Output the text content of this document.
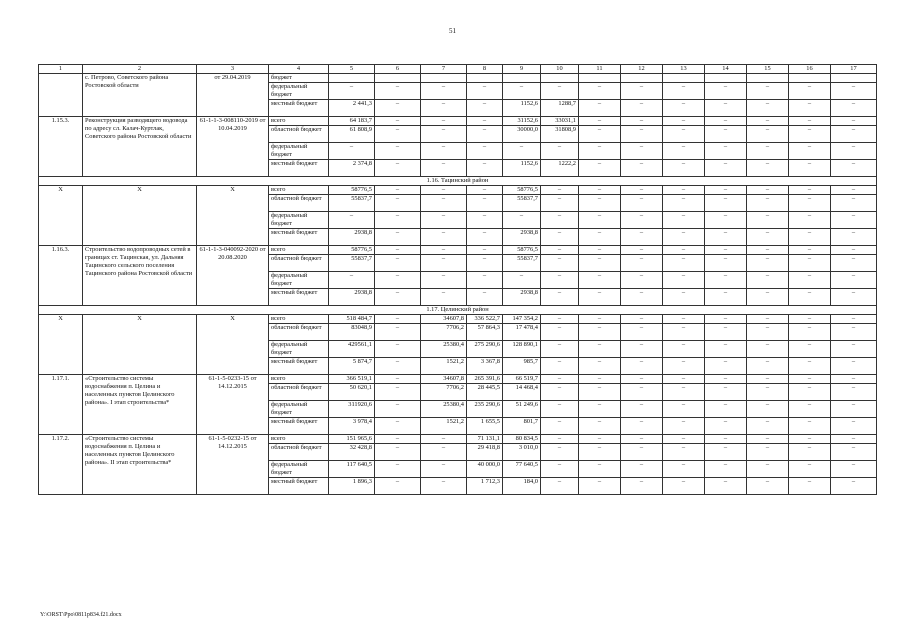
51
1	2	3	4	5	6	7	8	9	10	11	12	13	14	15	16	17
	с. Петрово, Советского района Ростовской области	от 29.04.2019	бюджет													
			федеральный бюджет	–	–	–	–	–	–	–	–	–	–	–	–	–
			местный бюджет	2 441,3	–	–	–	1152,6	1288,7	–	–	–	–	–	–	–
1.15.3.	Реконструкция разводящего водовода по адресу сл. Калач-Куртлак, Советского района Ростовской области	61-1-1-3-008110-2019 от 10.04.2019	всего	64 183,7	–	–	–	31152,6	33031,1	–	–	–	–	–	–	–
			областной бюджет	61 808,9	–	–	–	30000,0	31808,9	–	–	–	–	–	–	–
			федеральный бюджет	–	–	–	–	–	–	–	–	–	–	–	–	–
			местный бюджет	2 374,8	–	–	–	1152,6	1222,2	–	–	–	–	–	–	–
1.16. Тацинский район																
Х	Х	Х	всего	58776,5	–	–	–	58776,5	–	–	–	–	–	–	–	–
			областной бюджет	55837,7	–	–	–	55837,7	–	–	–	–	–	–	–	–
			федеральный бюджет	–	–	–	–	–	–	–	–	–	–	–	–	–
			местный бюджет	2938,8	–	–	–	2938,8	–	–	–	–	–	–	–	–
1.16.3.	Строительство водопроводных сетей в границах ст. Тацинская, ул. Дальняя Тацинского сельского поселения Тацинского района Ростовской области	61-1-1-3-040092-2020 от 20.08.2020	всего	58776,5	–	–	–	58776,5	–	–	–	–	–	–	–	–
			областной бюджет	55837,7	–	–	–	55837,7	–	–	–	–	–	–	–	–
			федеральный бюджет	–	–	–	–	–	–	–	–	–	–	–	–	–
			местный бюджет	2938,8	–	–	–	2938,8	–	–	–	–	–	–	–	–
1.17. Целинский район																
Х	Х	Х	всего	518 484,7	–	34607,8	336 522,7	147 354,2	–	–	–	–	–	–	–	–
			областной бюджет	83048,9	–	7706,2	57 864,3	17 478,4	–	–	–	–	–	–	–	–
			федеральный бюджет	429561,1	–	25380,4	275 290,6	128 890,1	–	–	–	–	–	–	–	–
			местный бюджет	5 874,7	–	1521,2	3 367,8	985,7	–	–	–	–	–	–	–	–
1.17.1.	«Строительство системы водоснабжения п. Целина и населенных пунктов Целинского района». I этап строительства*	61-1-5-0233-15 от 14.12.2015	всего	366 519,1	–	34607,8	265 391,6	66 519,7	–	–	–	–	–	–	–	–
			областной бюджет	50 620,1	–	7706,2	28 445,5	14 468,4	–	–	–	–	–	–	–	–
			федеральный бюджет	311920,6	–	25380,4	235 290,6	51 249,6	–	–	–	–	–	–	–	–
			местный бюджет	3 978,4	–	1521,2	1 655,5	801,7	–	–	–	–	–	–	–	–
1.17.2.	«Строительство системы водоснабжения п. Целина и населенных пунктов Целинского района». II этап строительства*	61-1-5-0232-15 от 14.12.2015	всего	151 965,6	–	–	71 131,1	80 834,5	–	–	–	–	–	–	–	–
			областной бюджет	32 428,8	–	–	29 418,8	3 010,0	–	–	–	–	–	–	–	–
			федеральный бюджет	117 640,5	–	–	40 000,0	77 640,5	–	–	–	–	–	–	–	–
			местный бюджет	1 896,3	–	–	1 712,3	184,0	–	–	–	–	–	–	–	–
Y:\ORST\Ppo\0811p834.f21.docx
